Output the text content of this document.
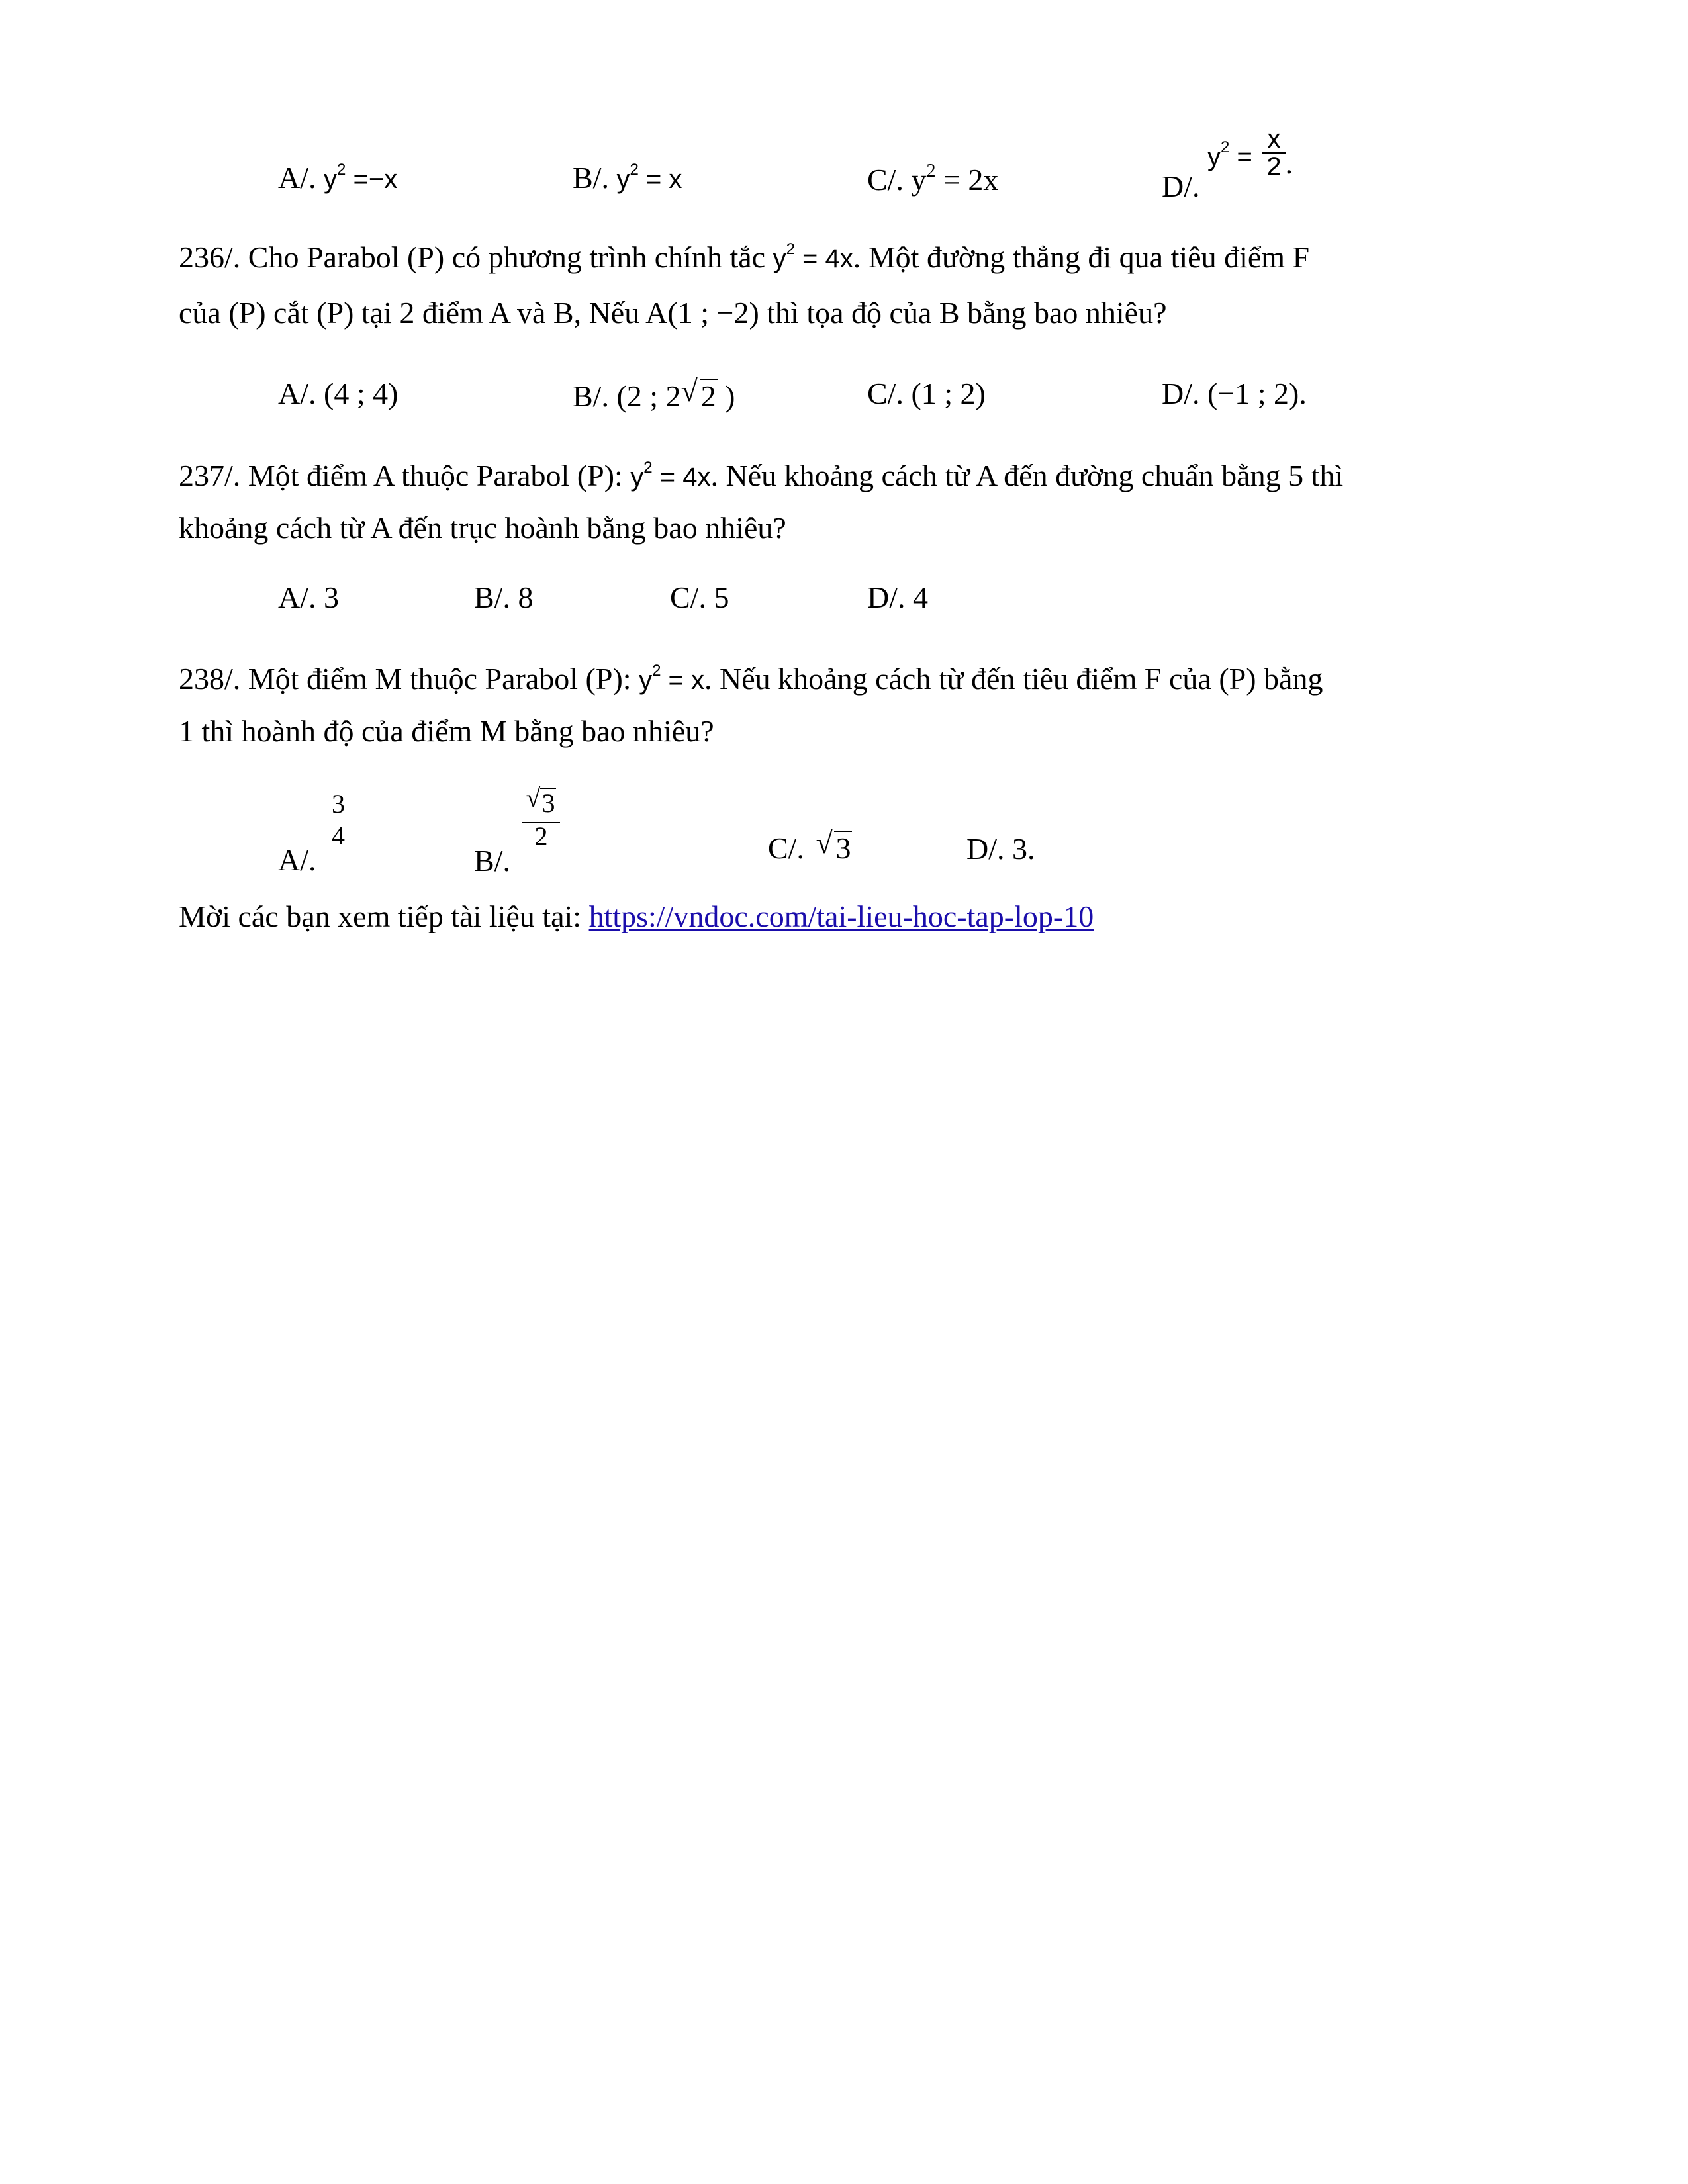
A/. $y^2 =-x$	B/. $y^2 = x$	C/. $y^2 = 2x$	D/. $y^2 = \frac{x}{2}$ .
236/. Cho Parabol (P) có phương trình chính tắc $y^2 = 4x$. Một đường thẳng đi qua tiêu điểm F
của (P) cắt (P) tại 2 điểm A và B, Nếu A(1 ; −2) thì tọa độ của B bằng bao nhiêu?
A/. (4 ; 4)	B/. (2 ; 2 √ 2 )	C/. (1 ; 2)	D/. (−1 ; 2).
237/. Một điểm A thuộc Parabol (P): $y^2 = 4x$. Nếu khoảng cách từ A đến đường chuẩn bằng 5 thì
khoảng cách từ A đến trục hoành bằng bao nhiêu?
A/. 3	B/. 8	C/. 5	D/. 4
238/. Một điểm M thuộc Parabol (P): $y^2 = x$. Nếu khoảng cách từ đến tiêu điểm F của (P) bằng
1 thì hoành độ của điểm M bằng bao nhiêu?
A/.
3
4
B/.
$\frac{√ 3}{2}$	C/. √ 3	D/. 3.
Mời các bạn xem tiếp tài liệu tại: https://vndoc.com/tai-lieu-hoc-tap-lop-10
